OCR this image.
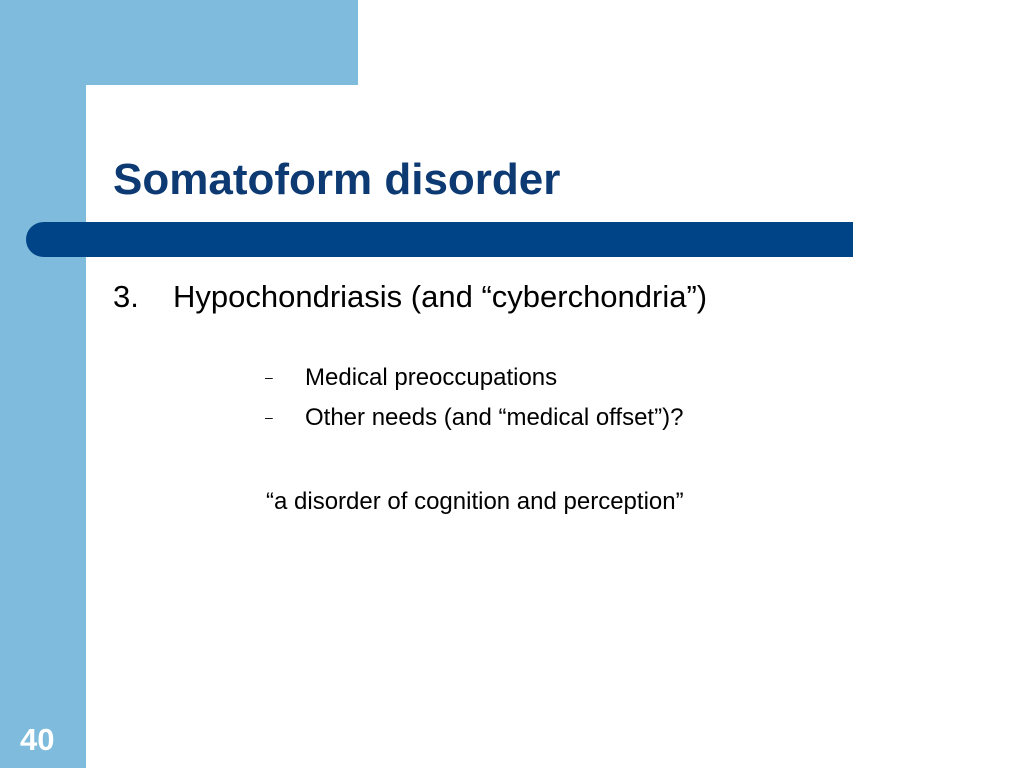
Somatoform disorder
3. Hypochondriasis (and “cyberchondria”)
– Medical preoccupations
– Other needs (and “medical offset”)?
“a disorder of cognition and perception”
40
